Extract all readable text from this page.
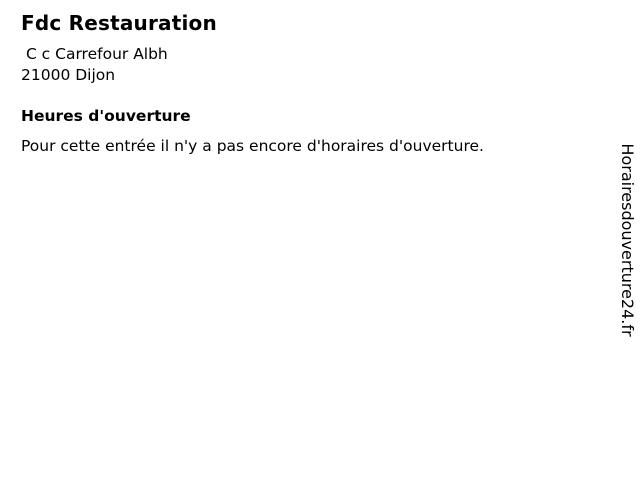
Fdc Restauration
C c Carrefour Albh
21000 Dijon
Heures d'ouverture

Pour cette entrée il n'y a pas encore d'horaires d'ouverture.	Horairesdouverture24.fr
